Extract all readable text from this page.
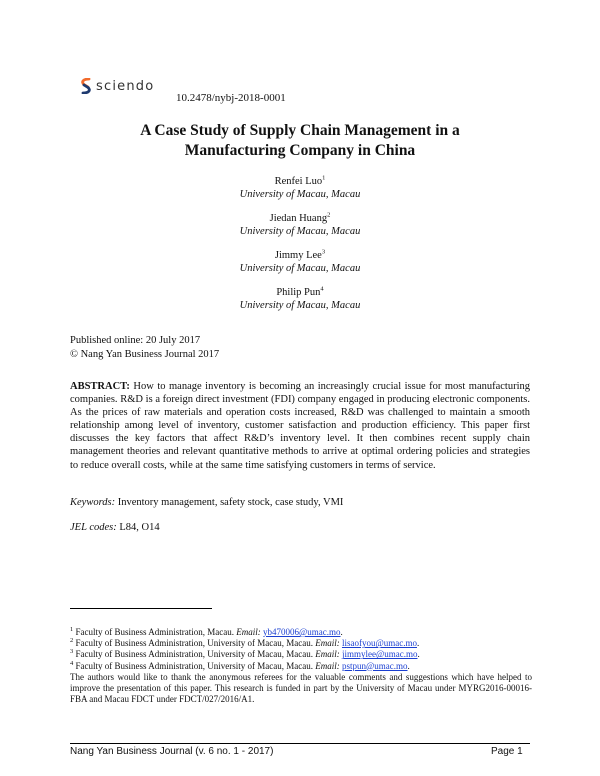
sciendo
10.2478/nybj-2018-0001
A Case Study of Supply Chain Management in a
Manufacturing Company in China
Renfei Luo$^1$
University of Macau, Macau
Jiedan Huang$^2$
University of Macau, Macau
Jimmy Lee$^3$
University of Macau, Macau
Philip Pun$^4$
University of Macau, Macau
Published online: 20 July 2017
© Nang Yan Business Journal 2017
ABSTRACT: How to manage inventory is becoming an increasingly crucial issue for most manufacturing companies. R&D is a foreign direct investment (FDI) company engaged in producing electronic components. As the prices of raw materials and operation costs increased, R&D was challenged to maintain a smooth relationship among level of inventory, customer satisfaction and production efficiency. This paper first discusses the key factors that affect R&D’s inventory level. It then combines recent supply chain management theories and relevant quantitative methods to arrive at optimal ordering policies and strategies to reduce overall costs, while at the same time satisfying customers in terms of service.
Keywords: Inventory management, safety stock, case study, VMI
JEL codes: L84, O14
$^1$ Faculty of Business Administration, Macau. Email: yb470006@umac.mo.
$^2$ Faculty of Business Administration, University of Macau, Macau. Email: lisaofyou@umac.mo.
$^3$ Faculty of Business Administration, University of Macau, Macau. Email: jimmylee@umac.mo.
$^4$ Faculty of Business Administration, University of Macau, Macau. Email: pstpun@umac.mo.
The authors would like to thank the anonymous referees for the valuable comments and suggestions which have helped to improve the presentation of this paper. This research is funded in part by the University of Macau under MYRG2016-00016-FBA and Macau FDCT under FDCT/027/2016/A1.
Nang Yan Business Journal (v. 6 no. 1 - 2017)	Page 1
